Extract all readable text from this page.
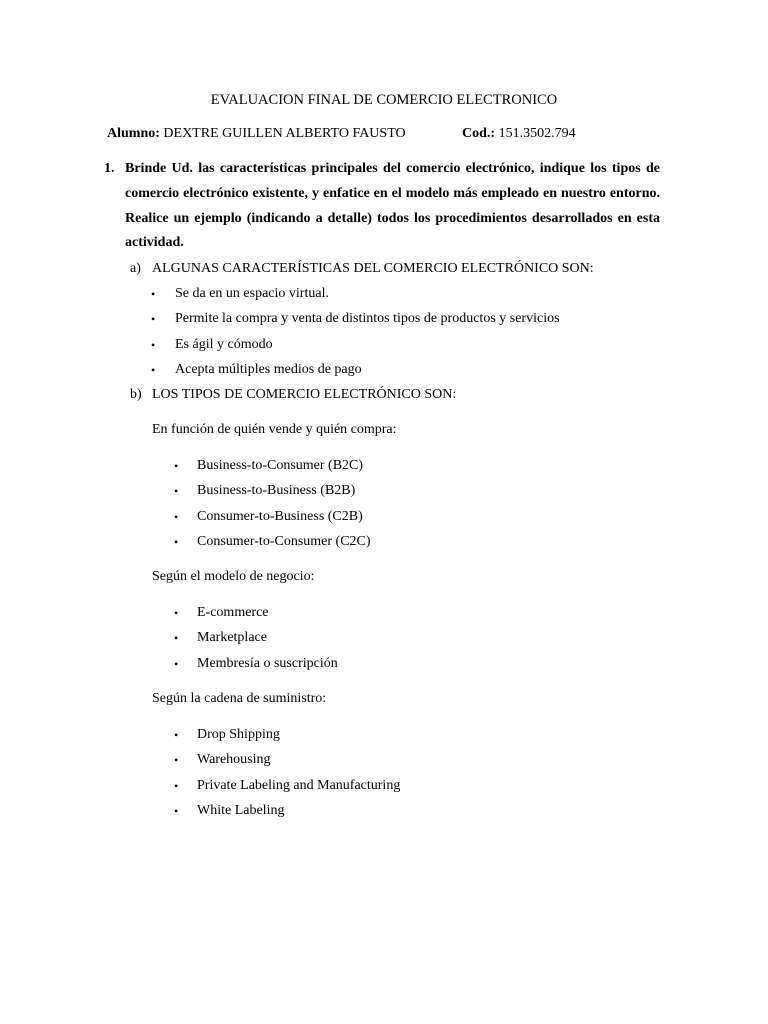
EVALUACION FINAL DE COMERCIO ELECTRONICO
Alumno: DEXTRE GUILLEN ALBERTO FAUSTO	Cod.: 151.3502.794
1. Brinde Ud. las características principales del comercio electrónico, indique los tipos de
comercio electrónico existente, y enfatice en el modelo más empleado en nuestro entorno.
Realice un ejemplo (indicando a detalle) todos los procedimientos desarrollados en esta
actividad.
a) ALGUNAS CARACTERÍSTICAS DEL COMERCIO ELECTRÓNICO SON:
• Se da en un espacio virtual.
• Permite la compra y venta de distintos tipos de productos y servicios
• Es ágil y cómodo
• Acepta múltiples medios de pago
b) LOS TIPOS DE COMERCIO ELECTRÓNICO SON:
En función de quién vende y quién compra:
• Business-to-Consumer (B2C)
• Business-to-Business (B2B)
• Consumer-to-Business (C2B)
• Consumer-to-Consumer (C2C)
Según el modelo de negocio:
• E-commerce
• Marketplace
• Membresía o suscripción
Según la cadena de suministro:
• Drop Shipping
• Warehousing
• Private Labeling and Manufacturing
• White Labeling
